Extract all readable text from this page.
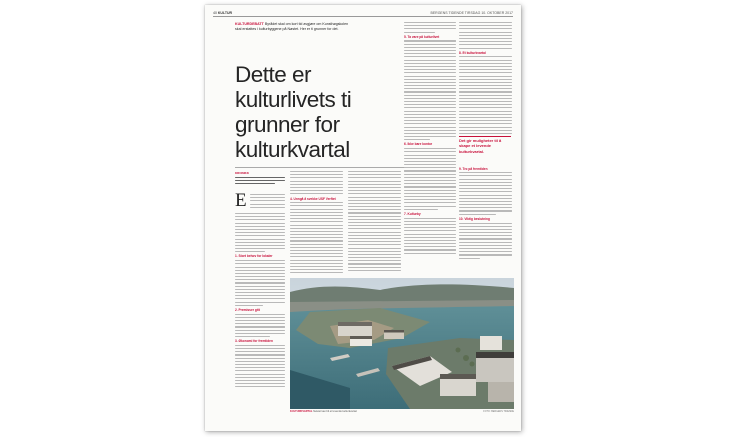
40 KULTUR	BERGENS TIDENDE TIRSDAG 10. OKTOBER 2017
KULTURDEBATT Byrådet skal om kort tid avgjøre om Kunsthøgskolen skal erstattes i kulturbyggene på Nøstet. Her er ti grunner for det.
Dette er kulturlivets ti grunner for kulturkvartal
KRONIKK
E
1. Stort behov for lokaler
2. Premisser gitt
3. Økonomi for fremtiden
4. Unngå å svekke USF Verftet
5. Ta vare på kulturlivet
6. Ikke bare kontor
7. Kulturby
8. Et kulturkvartal
Det gir muligheter til å skape et levende kulturkvartal.
9. Tro på fremtiden
10. Viktig beslutning
KULTURKVARTAL Nøstet kan bli et levende kulturkvartal.	FOTO: BERGENS TIDENDE
